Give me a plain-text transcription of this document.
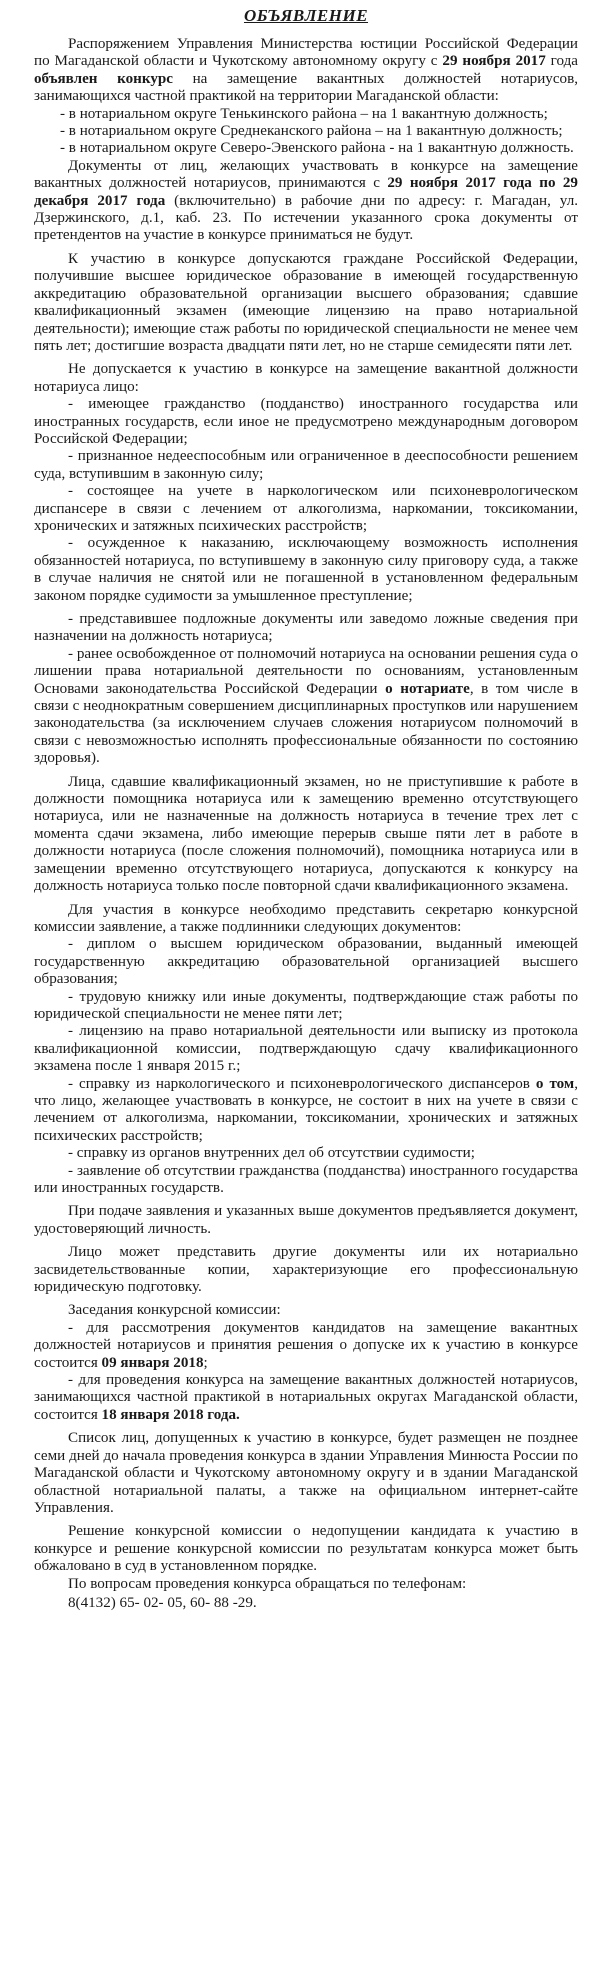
ОБЪЯВЛЕНИЕ

Распоряжением Управления Министерства юстиции Российской Федерации по Магаданской области и Чукотскому автономному округу с 29 ноября 2017 года объявлен конкурс на замещение вакантных должностей нотариусов, занимающихся частной практикой на территории Магаданской области:

- в нотариальном округе Тенькинского района – на 1 вакантную должность;

- в нотариальном округе Среднеканского района – на 1 вакантную должность;

- в нотариальном округе Северо-Эвенского района - на 1 вакантную должность.

Документы от лиц, желающих участвовать в конкурсе на замещение вакантных должностей нотариусов, принимаются с 29 ноября 2017 года по 29 декабря 2017 года (включительно) в рабочие дни по адресу: г. Магадан, ул. Дзержинского, д.1, каб. 23. По истечении указанного срока документы от претендентов на участие в конкурсе приниматься не будут.

К участию в конкурсе допускаются граждане Российской Федерации, получившие высшее юридическое образование в имеющей государственную аккредитацию образовательной организации высшего образования; сдавшие квалификационный экзамен (имеющие лицензию на право нотариальной деятельности); имеющие стаж работы по юридической специальности не менее чем пять лет; достигшие возраста двадцати пяти лет, но не старше семидесяти пяти лет.

Не допускается к участию в конкурсе на замещение вакантной должности нотариуса лицо:

- имеющее гражданство (подданство) иностранного государства или иностранных государств, если иное не предусмотрено международным договором Российской Федерации;

- признанное недееспособным или ограниченное в дееспособности решением суда, вступившим в законную силу;

- состоящее на учете в наркологическом или психоневрологическом диспансере в связи с лечением от алкоголизма, наркомании, токсикомании, хронических и затяжных психических расстройств;

- осужденное к наказанию, исключающему возможность исполнения обязанностей нотариуса, по вступившему в законную силу приговору суда, а также в случае наличия не снятой или не погашенной в установленном федеральным законом порядке судимости за умышленное преступление;

- представившее подложные документы или заведомо ложные сведения при назначении на должность нотариуса;

- ранее освобожденное от полномочий нотариуса на основании решения суда о лишении права нотариальной деятельности по основаниям, установленным Основами законодательства Российской Федерации о нотариате, в том числе в связи с неоднократным совершением дисциплинарных проступков или нарушением законодательства (за исключением случаев сложения нотариусом полномочий в связи с невозможностью исполнять профессиональные обязанности по состоянию здоровья).

Лица, сдавшие квалификационный экзамен, но не приступившие к работе в должности помощника нотариуса или к замещению временно отсутствующего нотариуса, или не назначенные на должность нотариуса в течение трех лет с момента сдачи экзамена, либо имеющие перерыв свыше пяти лет в работе в должности нотариуса (после сложения полномочий), помощника нотариуса или в замещении временно отсутствующего нотариуса, допускаются к конкурсу на должность нотариуса только после повторной сдачи квалификационного экзамена.

Для участия в конкурсе необходимо представить секретарю конкурсной комиссии заявление, а также подлинники следующих документов:

- диплом о высшем юридическом образовании, выданный имеющей государственную аккредитацию образовательной организацией высшего образования;

- трудовую книжку или иные документы, подтверждающие стаж работы по юридической специальности не менее пяти лет;

- лицензию на право нотариальной деятельности или выписку из протокола квалификационной комиссии, подтверждающую сдачу квалификационного экзамена после 1 января 2015 г.;

- справку из наркологического и психоневрологического диспансеров о том, что лицо, желающее участвовать в конкурсе, не состоит в них на учете в связи с лечением от алкоголизма, наркомании, токсикомании, хронических и затяжных психических расстройств;

- справку из органов внутренних дел об отсутствии судимости;

- заявление об отсутствии гражданства (подданства) иностранного государства или иностранных государств.

При подаче заявления и указанных выше документов предъявляется документ, удостоверяющий личность.

Лицо может представить другие документы или их нотариально засвидетельствованные копии, характеризующие его профессиональную юридическую подготовку.

Заседания конкурсной комиссии:

- для рассмотрения документов кандидатов на замещение вакантных должностей нотариусов и принятия решения о допуске их к участию в конкурсе состоится 09 января 2018;

- для проведения конкурса на замещение вакантных должностей нотариусов, занимающихся частной практикой в нотариальных округах Магаданской области, состоится 18 января 2018 года.

Список лиц, допущенных к участию в конкурсе, будет размещен не позднее семи дней до начала проведения конкурса в здании Управления Минюста России по Магаданской области и Чукотскому автономному округу и в здании Магаданской областной нотариальной палаты, а также на официальном интернет-сайте Управления.

Решение конкурсной комиссии о недопущении кандидата к участию в конкурсе и решение конкурсной комиссии по результатам конкурса может быть обжаловано в суд в установленном порядке.

По вопросам проведения конкурса обращаться по телефонам:

8(4132) 65- 02- 05, 60- 88 -29.
